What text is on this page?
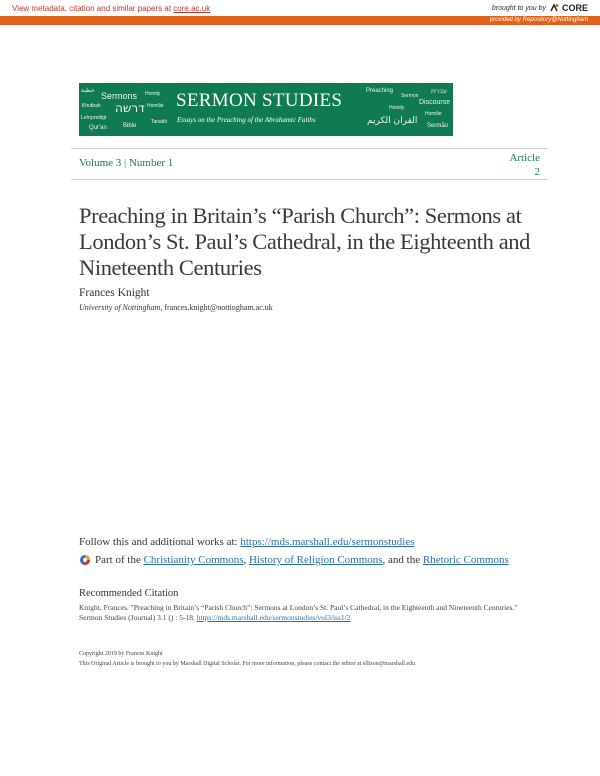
View metadata, citation and similar papers at core.ac.uk	brought to you by CORE
provided by Repository@Nottingham
خطبة Sermons Homily
Khutbah דרשה Homilie
Lehrpredigt
Qur'an	Bible
Tanakh
SERMON STUDIES
Essays on the Preaching of the Abrahamic Faiths
Preaching
Sermon
עברית
Discourse
القران الكريم
Homily
Homilie
Sermão
Volume 3 | Number 1	Article
2
Preaching in Britain’s “Parish Church”: Sermons at London’s St. Paul’s Cathedral, in the Eighteenth and Nineteenth Centuries
Frances Knight
University of Nottingham, frances.knight@nottingham.ac.uk
Follow this and additional works at: https://mds.marshall.edu/sermonstudies
Part of the Christianity Commons, History of Religion Commons, and the Rhetoric Commons
Recommended Citation
Knight, Frances. "Preaching in Britain’s “Parish Church”: Sermons at London’s St. Paul’s Cathedral, in the Eighteenth and Nineteenth Centuries." Sermon Studies (Journal) 3.1 () : 5-18. https://mds.marshall.edu/sermonstudies/vol3/iss1/2
Copyright 2019 by Frances Knight
This Original Article is brought to you by Marshall Digital Scholar. For more information, please contact the editor at ellison@marshall.edu
